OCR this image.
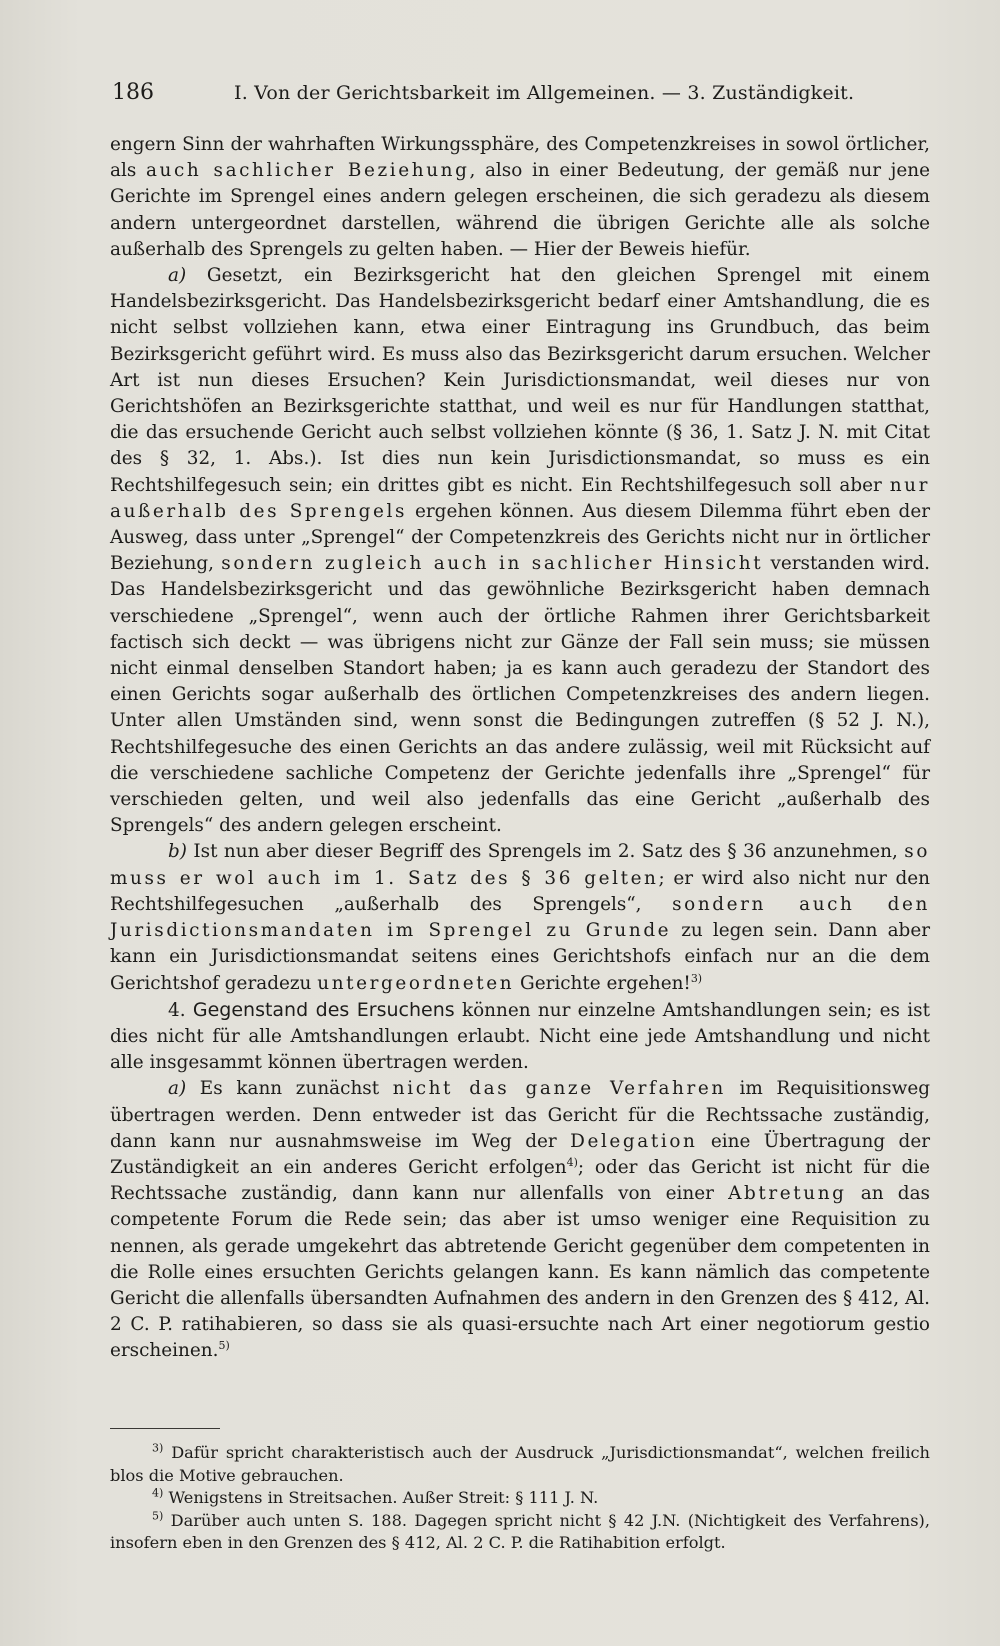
186	I. Von der Gerichtsbarkeit im Allgemeinen. — 3. Zuständigkeit.

engern Sinn der wahrhaften Wirkungssphäre, des Competenzkreises in sowol örtlicher, als auch sachlicher Beziehung, also in einer Bedeutung, der gemäß nur jene Gerichte im Sprengel eines andern gelegen erscheinen, die sich geradezu als diesem andern untergeordnet darstellen, während die übrigen Gerichte alle als solche außerhalb des Sprengels zu gelten haben. — Hier der Beweis hiefür.

a) Gesetzt, ein Bezirksgericht hat den gleichen Sprengel mit einem Handelsbezirksgericht. Das Handelsbezirksgericht bedarf einer Amtshandlung, die es nicht selbst vollziehen kann, etwa einer Eintragung ins Grundbuch, das beim Bezirksgericht geführt wird. Es muss also das Bezirksgericht darum ersuchen. Welcher Art ist nun dieses Ersuchen? Kein Jurisdictionsmandat, weil dieses nur von Gerichtshöfen an Bezirksgerichte statthat, und weil es nur für Handlungen statthat, die das ersuchende Gericht auch selbst vollziehen könnte (§ 36, 1. Satz J. N. mit Citat des § 32, 1. Abs.). Ist dies nun kein Jurisdictionsmandat, so muss es ein Rechtshilfegesuch sein; ein drittes gibt es nicht. Ein Rechtshilfegesuch soll aber nur außerhalb des Sprengels ergehen können. Aus diesem Dilemma führt eben der Ausweg, dass unter „Sprengel“ der Competenzkreis des Gerichts nicht nur in örtlicher Beziehung, sondern zugleich auch in sachlicher Hinsicht verstanden wird. Das Handelsbezirksgericht und das gewöhnliche Bezirksgericht haben demnach verschiedene „Sprengel“, wenn auch der örtliche Rahmen ihrer Gerichtsbarkeit factisch sich deckt — was übrigens nicht zur Gänze der Fall sein muss; sie müssen nicht einmal denselben Standort haben; ja es kann auch geradezu der Standort des einen Gerichts sogar außerhalb des örtlichen Competenzkreises des andern liegen. Unter allen Umständen sind, wenn sonst die Bedingungen zutreffen (§ 52 J. N.), Rechtshilfegesuche des einen Gerichts an das andere zulässig, weil mit Rücksicht auf die verschiedene sachliche Competenz der Gerichte jedenfalls ihre „Sprengel“ für verschieden gelten, und weil also jedenfalls das eine Gericht „außerhalb des Sprengels“ des andern gelegen erscheint.

b) Ist nun aber dieser Begriff des Sprengels im 2. Satz des § 36 anzunehmen, so muss er wol auch im 1. Satz des § 36 gelten; er wird also nicht nur den Rechtshilfegesuchen „außerhalb des Sprengels“, sondern auch den Jurisdictionsmandaten im Sprengel zu Grunde zu legen sein. Dann aber kann ein Jurisdictionsmandat seitens eines Gerichtshofs einfach nur an die dem Gerichtshof geradezu untergeordneten Gerichte ergehen!$^{3)}$

4. Gegenstand des Ersuchens können nur einzelne Amtshandlungen sein; es ist dies nicht für alle Amtshandlungen erlaubt. Nicht eine jede Amtshandlung und nicht alle insgesammt können übertragen werden.

a) Es kann zunächst nicht das ganze Verfahren im Requisitionsweg übertragen werden. Denn entweder ist das Gericht für die Rechtssache zuständig, dann kann nur ausnahmsweise im Weg der Delegation eine Übertragung der Zuständigkeit an ein anderes Gericht erfolgen$^{4)}$; oder das Gericht ist nicht für die Rechtssache zuständig, dann kann nur allenfalls von einer Abtretung an das competente Forum die Rede sein; das aber ist umso weniger eine Requisition zu nennen, als gerade umgekehrt das abtretende Gericht gegenüber dem competenten in die Rolle eines ersuchten Gerichts gelangen kann. Es kann nämlich das competente Gericht die allenfalls übersandten Aufnahmen des andern in den Grenzen des § 412, Al. 2 C. P. ratihabieren, so dass sie als quasi-ersuchte nach Art einer negotiorum gestio erscheinen.$^{5)}$

$^{3)}$ Dafür spricht charakteristisch auch der Ausdruck „Jurisdictionsmandat“, welchen freilich blos die Motive gebrauchen.

$^{4)}$ Wenigstens in Streitsachen. Außer Streit: § 111 J. N.

$^{5)}$ Darüber auch unten S. 188. Dagegen spricht nicht § 42 J.N. (Nichtigkeit des Verfahrens), insofern eben in den Grenzen des § 412, Al. 2 C. P. die Ratihabition erfolgt.
